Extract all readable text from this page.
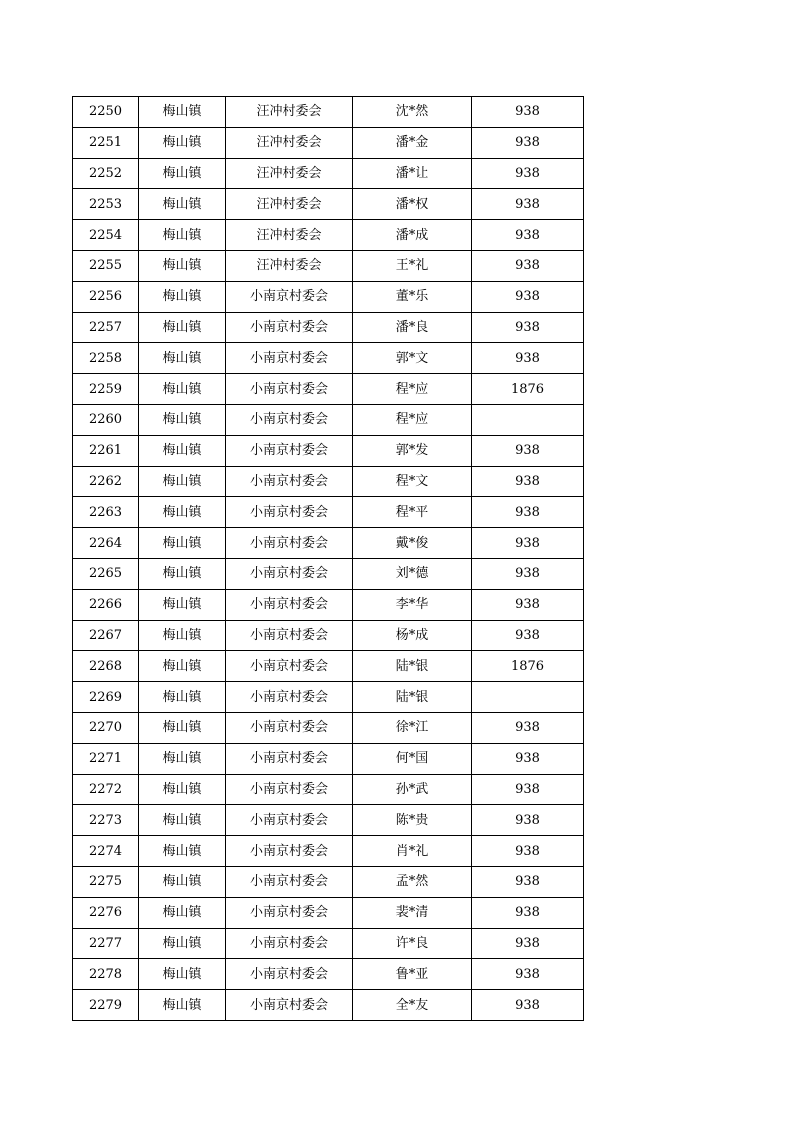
2250	梅山镇	汪冲村委会	沈*然	938
2251	梅山镇	汪冲村委会	潘*金	938
2252	梅山镇	汪冲村委会	潘*让	938
2253	梅山镇	汪冲村委会	潘*权	938
2254	梅山镇	汪冲村委会	潘*成	938
2255	梅山镇	汪冲村委会	王*礼	938
2256	梅山镇	小南京村委会	董*乐	938
2257	梅山镇	小南京村委会	潘*良	938
2258	梅山镇	小南京村委会	郭*文	938
2259	梅山镇	小南京村委会	程*应	1876
2260	梅山镇	小南京村委会	程*应	
2261	梅山镇	小南京村委会	郭*发	938
2262	梅山镇	小南京村委会	程*文	938
2263	梅山镇	小南京村委会	程*平	938
2264	梅山镇	小南京村委会	戴*俊	938
2265	梅山镇	小南京村委会	刘*德	938
2266	梅山镇	小南京村委会	李*华	938
2267	梅山镇	小南京村委会	杨*成	938
2268	梅山镇	小南京村委会	陆*银	1876
2269	梅山镇	小南京村委会	陆*银	
2270	梅山镇	小南京村委会	徐*江	938
2271	梅山镇	小南京村委会	何*国	938
2272	梅山镇	小南京村委会	孙*武	938
2273	梅山镇	小南京村委会	陈*贵	938
2274	梅山镇	小南京村委会	肖*礼	938
2275	梅山镇	小南京村委会	孟*然	938
2276	梅山镇	小南京村委会	裴*清	938
2277	梅山镇	小南京村委会	许*良	938
2278	梅山镇	小南京村委会	鲁*亚	938
2279	梅山镇	小南京村委会	全*友	938
